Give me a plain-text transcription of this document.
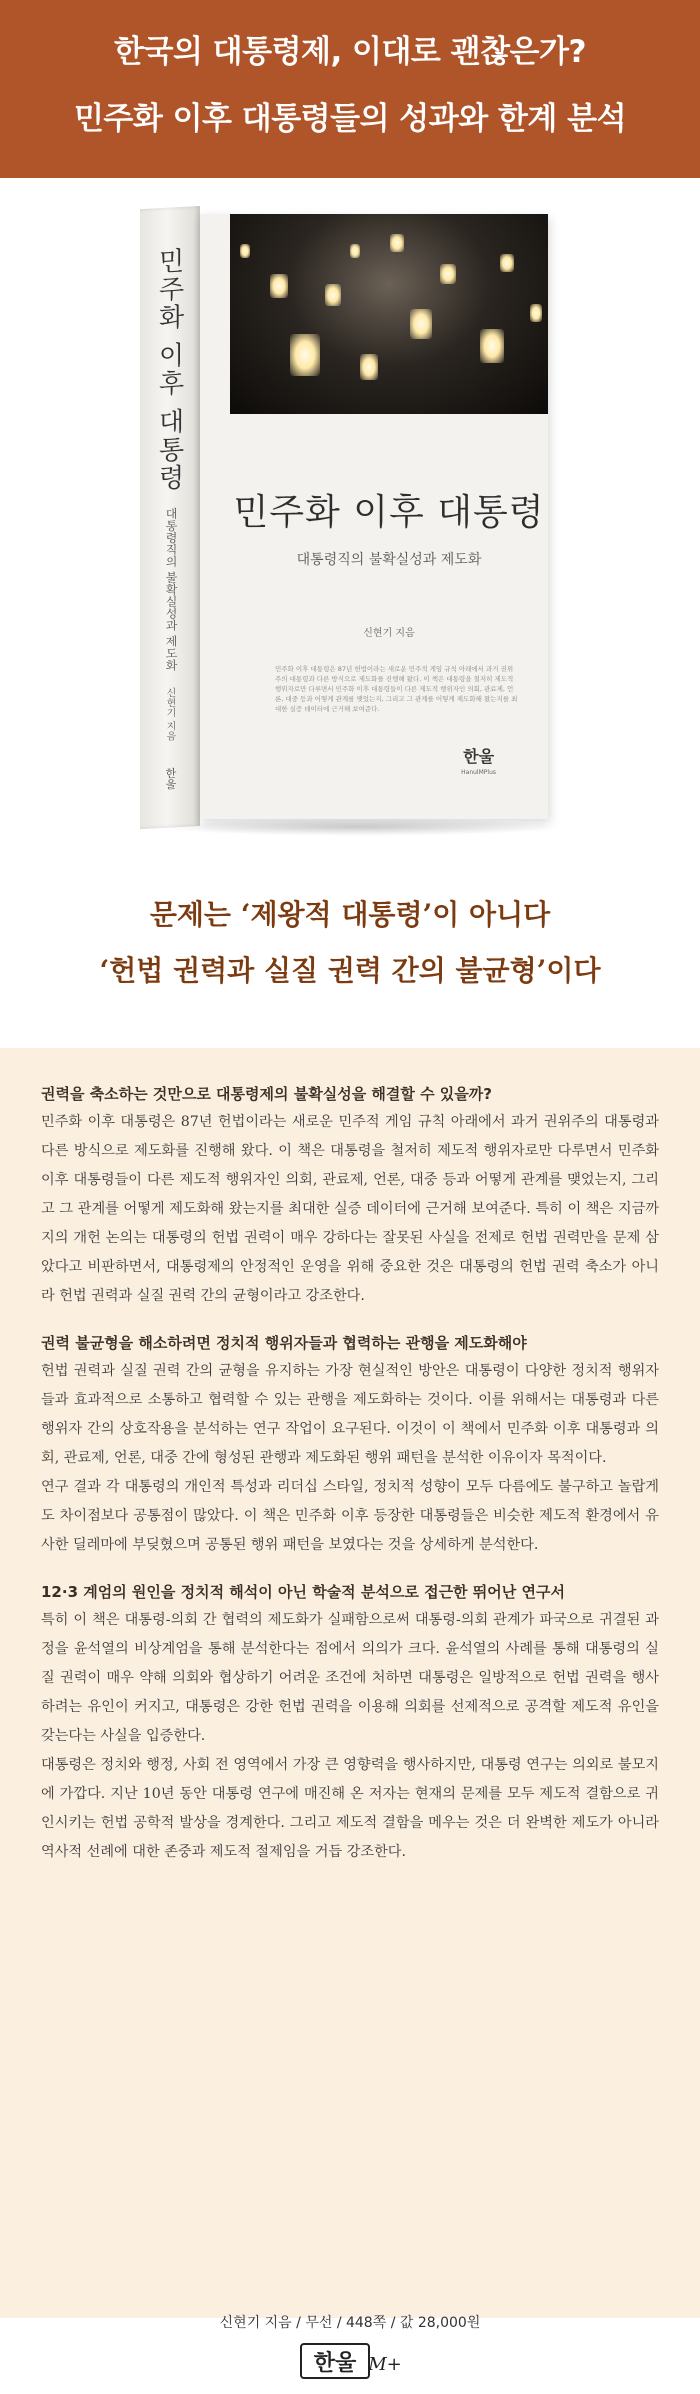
한국의 대통령제, 이대로 괜찮은가?
민주화 이후 대통령들의 성과와 한계 분석
민주화 이후 대통령
대통령직의 불확실성과 제도화
신현기 지음
한울
민주화 이후 대통령
대통령직의 불확실성과 제도화
신현기 지음
민주화 이후 대통령은 87년 헌법이라는 새로운 민주적 게임 규칙 아래에서 과거 권위주의 대통령과 다른 방식으로 제도화를 진행해 왔다. 이 책은 대통령을 철저히 제도적 행위자로만 다루면서 민주화 이후 대통령들이 다른 제도적 행위자인 의회, 관료제, 언론, 대중 등과 어떻게 관계를 맺었는지, 그리고 그 관계를 어떻게 제도화해 왔는지를 최대한 실증 데이터에 근거해 보여준다.
한울
HanulMPlus
문제는 ‘제왕적 대통령’이 아니다
‘헌법 권력과 실질 권력 간의 불균형’이다

권력을 축소하는 것만으로 대통령제의 불확실성을 해결할 수 있을까?

민주화 이후 대통령은 87년 헌법이라는 새로운 민주적 게임 규칙 아래에서 과거 권위주의 대통령과 다른 방식으로 제도화를 진행해 왔다. 이 책은 대통령을 철저히 제도적 행위자로만 다루면서 민주화 이후 대통령들이 다른 제도적 행위자인 의회, 관료제, 언론, 대중 등과 어떻게 관계를 맺었는지, 그리고 그 관계를 어떻게 제도화해 왔는지를 최대한 실증 데이터에 근거해 보여준다. 특히 이 책은 지금까지의 개헌 논의는 대통령의 헌법 권력이 매우 강하다는 잘못된 사실을 전제로 헌법 권력만을 문제 삼았다고 비판하면서, 대통령제의 안정적인 운영을 위해 중요한 것은 대통령의 헌법 권력 축소가 아니라 헌법 권력과 실질 권력 간의 균형이라고 강조한다.

권력 불균형을 해소하려면 정치적 행위자들과 협력하는 관행을 제도화해야

헌법 권력과 실질 권력 간의 균형을 유지하는 가장 현실적인 방안은 대통령이 다양한 정치적 행위자들과 효과적으로 소통하고 협력할 수 있는 관행을 제도화하는 것이다. 이를 위해서는 대통령과 다른 행위자 간의 상호작용을 분석하는 연구 작업이 요구된다. 이것이 이 책에서 민주화 이후 대통령과 의회, 관료제, 언론, 대중 간에 형성된 관행과 제도화된 행위 패턴을 분석한 이유이자 목적이다.

연구 결과 각 대통령의 개인적 특성과 리더십 스타일, 정치적 성향이 모두 다름에도 불구하고 놀랍게도 차이점보다 공통점이 많았다. 이 책은 민주화 이후 등장한 대통령들은 비슷한 제도적 환경에서 유사한 딜레마에 부딪혔으며 공통된 행위 패턴을 보였다는 것을 상세하게 분석한다.

12·3 계엄의 원인을 정치적 해석이 아닌 학술적 분석으로 접근한 뛰어난 연구서

특히 이 책은 대통령-의회 간 협력의 제도화가 실패함으로써 대통령-의회 관계가 파국으로 귀결된 과정을 윤석열의 비상계엄을 통해 분석한다는 점에서 의의가 크다. 윤석열의 사례를 통해 대통령의 실질 권력이 매우 약해 의회와 협상하기 어려운 조건에 처하면 대통령은 일방적으로 헌법 권력을 행사하려는 유인이 커지고, 대통령은 강한 헌법 권력을 이용해 의회를 선제적으로 공격할 제도적 유인을 갖는다는 사실을 입증한다.

대통령은 정치와 행정, 사회 전 영역에서 가장 큰 영향력을 행사하지만, 대통령 연구는 의외로 불모지에 가깝다. 지난 10년 동안 대통령 연구에 매진해 온 저자는 현재의 문제를 모두 제도적 결함으로 귀인시키는 헌법 공학적 발상을 경계한다. 그리고 제도적 결함을 메우는 것은 더 완벽한 제도가 아니라 역사적 선례에 대한 존중과 제도적 절제임을 거듭 강조한다.

신현기 지음 / 무선 / 448쪽 / 값 28,000원
한울 M+
